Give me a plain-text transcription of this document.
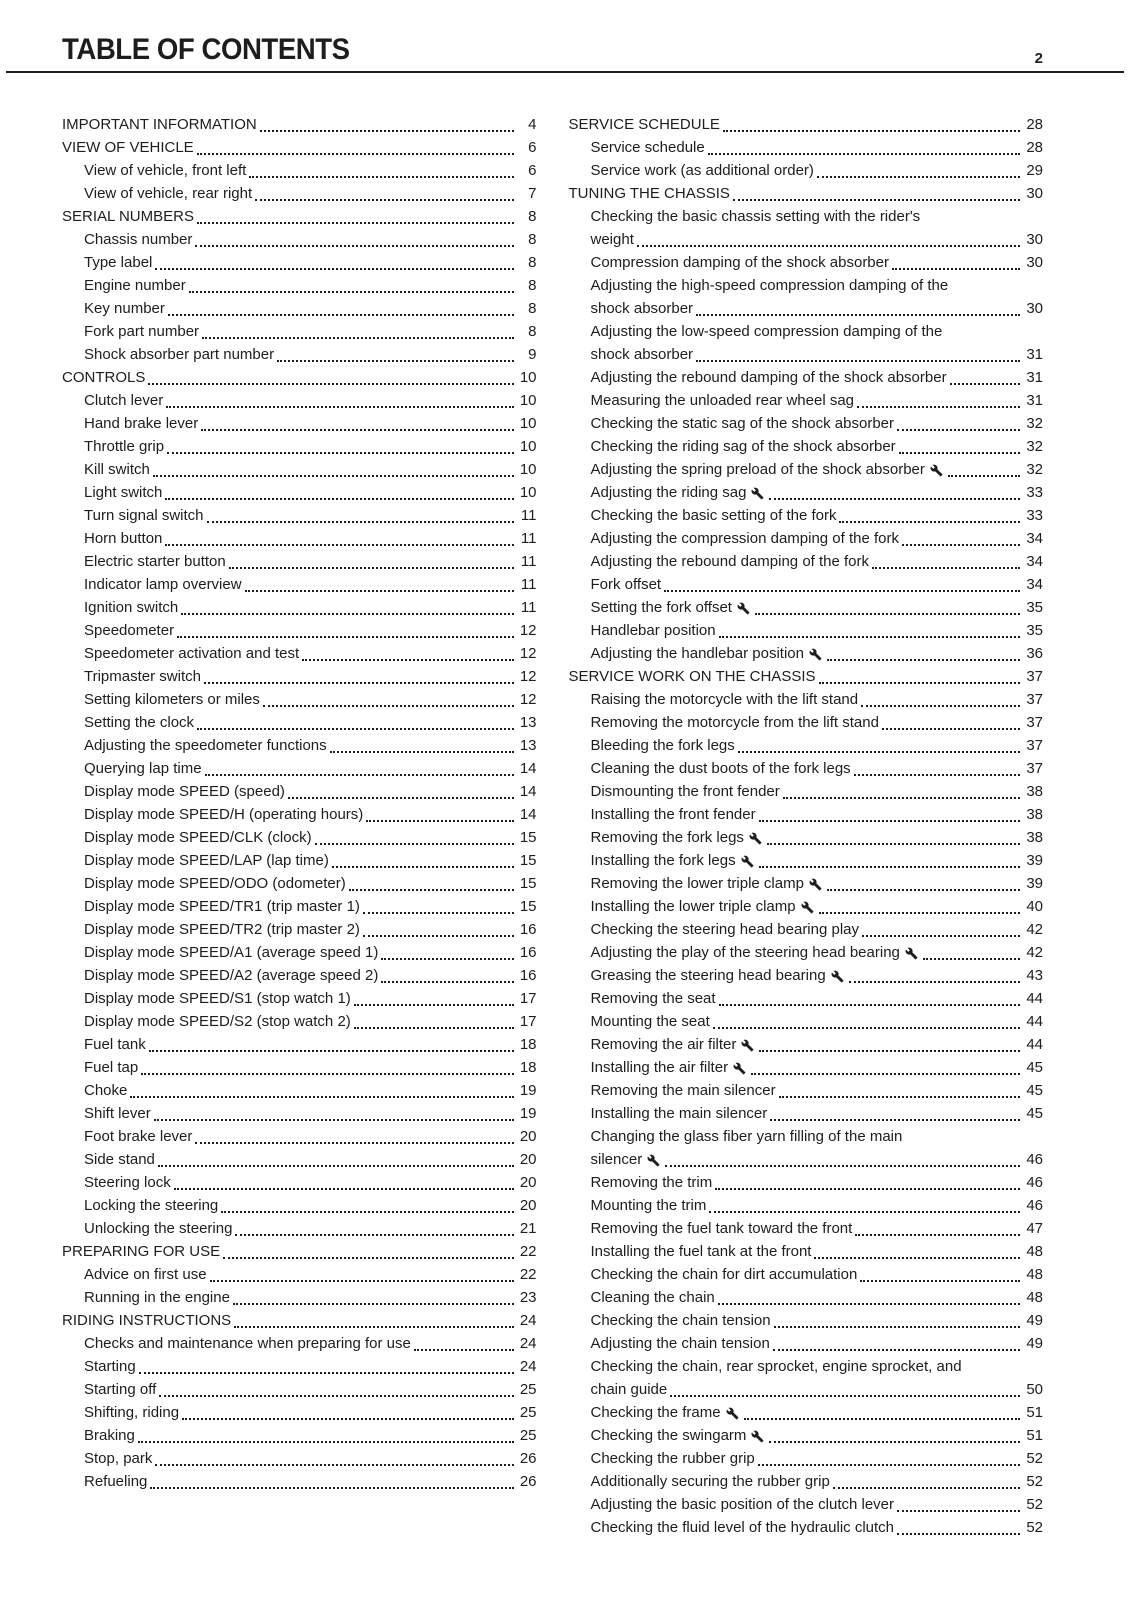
TABLE OF CONTENTS	2
IMPORTANT INFORMATION	4
VIEW OF VEHICLE	6
View of vehicle, front left	6
View of vehicle, rear right	7
SERIAL NUMBERS	8
Chassis number	8
Type label	8
Engine number	8
Key number	8
Fork part number	8
Shock absorber part number	9
CONTROLS	10
Clutch lever	10
Hand brake lever	10
Throttle grip	10
Kill switch	10
Light switch	10
Turn signal switch	11
Horn button	11
Electric starter button	11
Indicator lamp overview	11
Ignition switch	11
Speedometer	12
Speedometer activation and test	12
Tripmaster switch	12
Setting kilometers or miles	12
Setting the clock	13
Adjusting the speedometer functions	13
Querying lap time	14
Display mode SPEED (speed)	14
Display mode SPEED/H (operating hours)	14
Display mode SPEED/CLK (clock)	15
Display mode SPEED/LAP (lap time)	15
Display mode SPEED/ODO (odometer)	15
Display mode SPEED/TR1 (trip master 1)	15
Display mode SPEED/TR2 (trip master 2)	16
Display mode SPEED/A1 (average speed 1)	16
Display mode SPEED/A2 (average speed 2)	16
Display mode SPEED/S1 (stop watch 1)	17
Display mode SPEED/S2 (stop watch 2)	17
Fuel tank	18
Fuel tap	18
Choke	19
Shift lever	19
Foot brake lever	20
Side stand	20
Steering lock	20
Locking the steering	20
Unlocking the steering	21
PREPARING FOR USE	22
Advice on first use	22
Running in the engine	23
RIDING INSTRUCTIONS	24
Checks and maintenance when preparing for use	24
Starting	24
Starting off	25
Shifting, riding	25
Braking	25
Stop, park	26
Refueling	26
SERVICE SCHEDULE	28
Service schedule	28
Service work (as additional order)	29
TUNING THE CHASSIS	30
Checking the basic chassis setting with the rider's
weight	30
Compression damping of the shock absorber	30
Adjusting the high-speed compression damping of the
shock absorber	30
Adjusting the low-speed compression damping of the
shock absorber	31
Adjusting the rebound damping of the shock absorber	31
Measuring the unloaded rear wheel sag	31
Checking the static sag of the shock absorber	32
Checking the riding sag of the shock absorber	32
Adjusting the spring preload of the shock absorber	32
Adjusting the riding sag	33
Checking the basic setting of the fork	33
Adjusting the compression damping of the fork	34
Adjusting the rebound damping of the fork	34
Fork offset	34
Setting the fork offset	35
Handlebar position	35
Adjusting the handlebar position	36
SERVICE WORK ON THE CHASSIS	37
Raising the motorcycle with the lift stand	37
Removing the motorcycle from the lift stand	37
Bleeding the fork legs	37
Cleaning the dust boots of the fork legs	37
Dismounting the front fender	38
Installing the front fender	38
Removing the fork legs	38
Installing the fork legs	39
Removing the lower triple clamp	39
Installing the lower triple clamp	40
Checking the steering head bearing play	42
Adjusting the play of the steering head bearing	42
Greasing the steering head bearing	43
Removing the seat	44
Mounting the seat	44
Removing the air filter	44
Installing the air filter	45
Removing the main silencer	45
Installing the main silencer	45
Changing the glass fiber yarn filling of the main
silencer	46
Removing the trim	46
Mounting the trim	46
Removing the fuel tank toward the front	47
Installing the fuel tank at the front	48
Checking the chain for dirt accumulation	48
Cleaning the chain	48
Checking the chain tension	49
Adjusting the chain tension	49
Checking the chain, rear sprocket, engine sprocket, and
chain guide	50
Checking the frame	51
Checking the swingarm	51
Checking the rubber grip	52
Additionally securing the rubber grip	52
Adjusting the basic position of the clutch lever	52
Checking the fluid level of the hydraulic clutch	52
